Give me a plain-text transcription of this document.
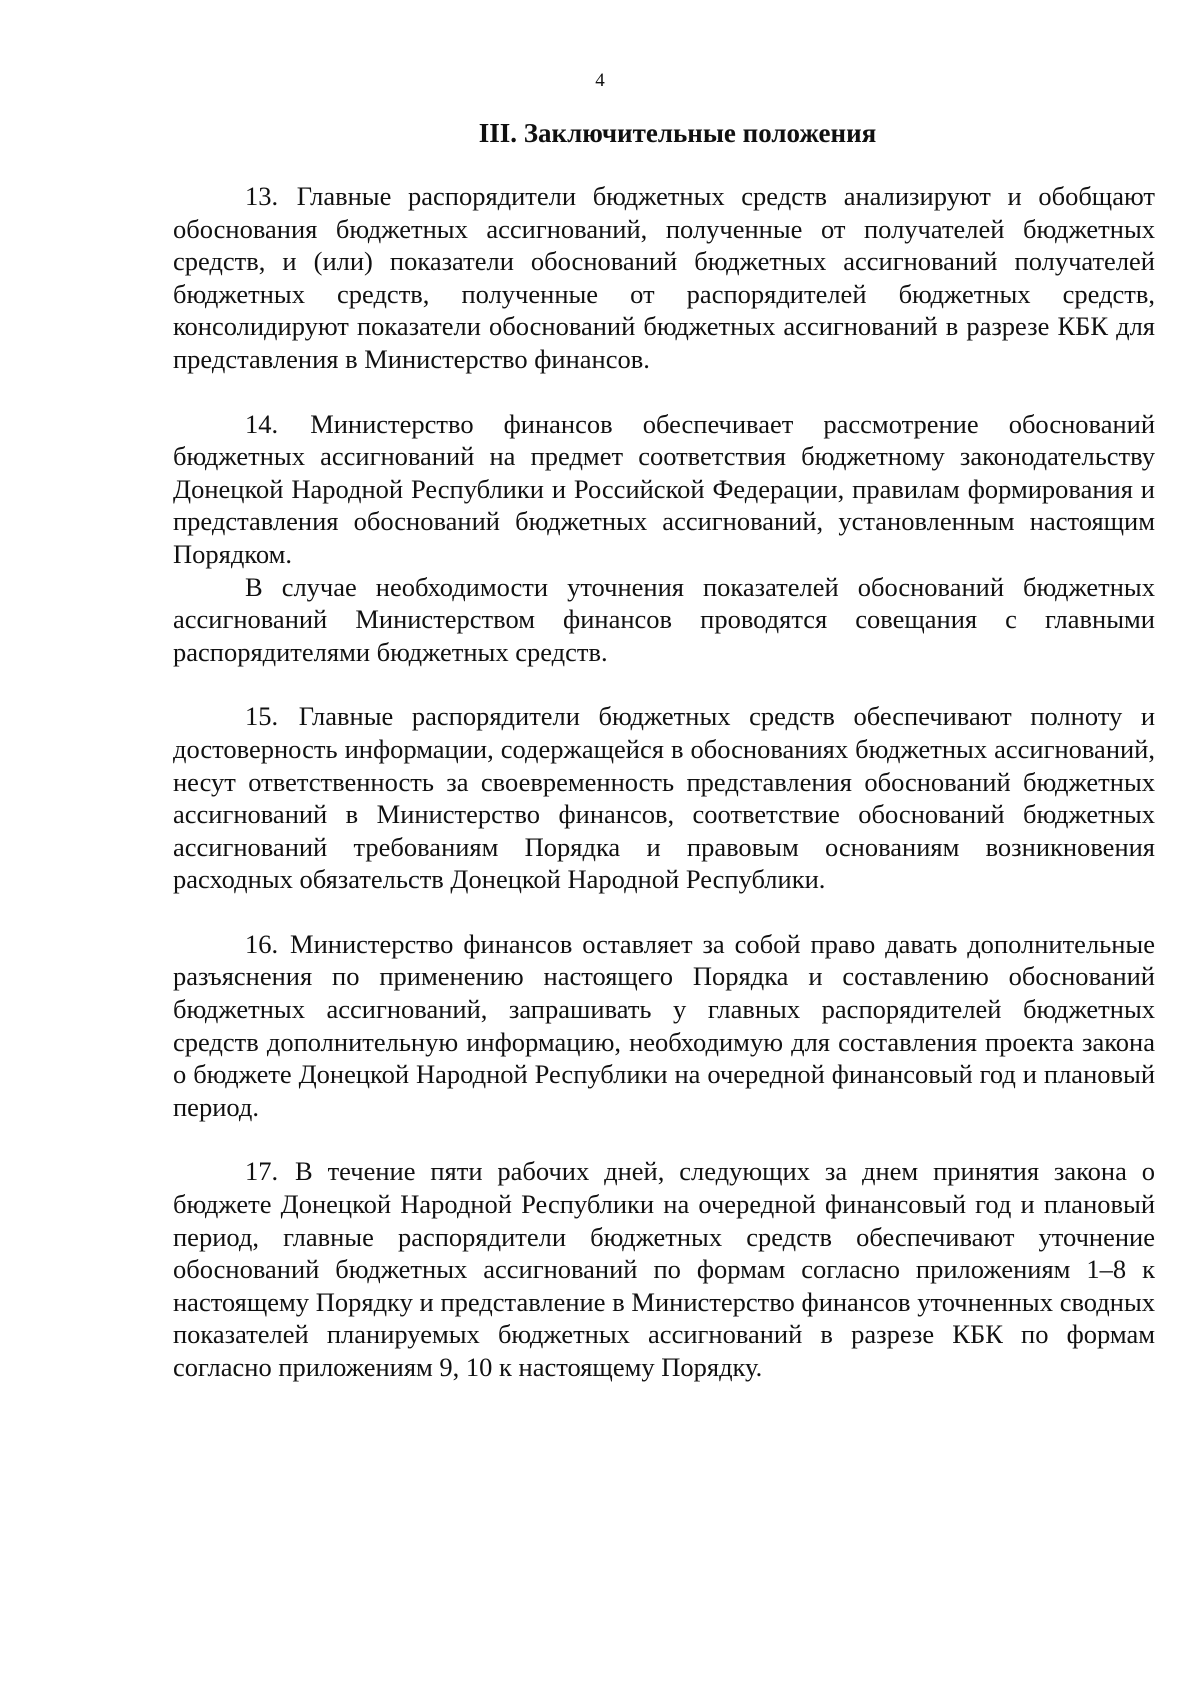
4
III. Заключительные положения

13. Главные распорядители бюджетных средств анализируют и обобщают обоснования бюджетных ассигнований, полученные от получателей бюджетных средств, и (или) показатели обоснований бюджетных ассигнований получателей бюджетных средств, полученные от распорядителей бюджетных средств, консолидируют показатели обоснований бюджетных ассигнований в разрезе КБК для представления в Министерство финансов.

14. Министерство финансов обеспечивает рассмотрение обоснований бюджетных ассигнований на предмет соответствия бюджетному законодательству Донецкой Народной Республики и Российской Федерации, правилам формирования и представления обоснований бюджетных ассигнований, установленным настоящим Порядком.

В случае необходимости уточнения показателей обоснований бюджетных ассигнований Министерством финансов проводятся совещания с главными распорядителями бюджетных средств.

15. Главные распорядители бюджетных средств обеспечивают полноту и достоверность информации, содержащейся в обоснованиях бюджетных ассигнований, несут ответственность за своевременность представления обоснований бюджетных ассигнований в Министерство финансов, соответствие обоснований бюджетных ассигнований требованиям Порядка и правовым основаниям возникновения расходных обязательств Донецкой Народной Республики.

16. Министерство финансов оставляет за собой право давать дополнительные разъяснения по применению настоящего Порядка и составлению обоснований бюджетных ассигнований, запрашивать у главных распорядителей бюджетных средств дополнительную информацию, необходимую для составления проекта закона о бюджете Донецкой Народной Республики на очередной финансовый год и плановый период.

17. В течение пяти рабочих дней, следующих за днем принятия закона о бюджете Донецкой Народной Республики на очередной финансовый год и плановый период, главные распорядители бюджетных средств обеспечивают уточнение обоснований бюджетных ассигнований по формам согласно приложениям 1–8 к настоящему Порядку и представление в Министерство финансов уточненных сводных показателей планируемых бюджетных ассигнований в разрезе КБК по формам согласно приложениям 9, 10 к настоящему Порядку.
